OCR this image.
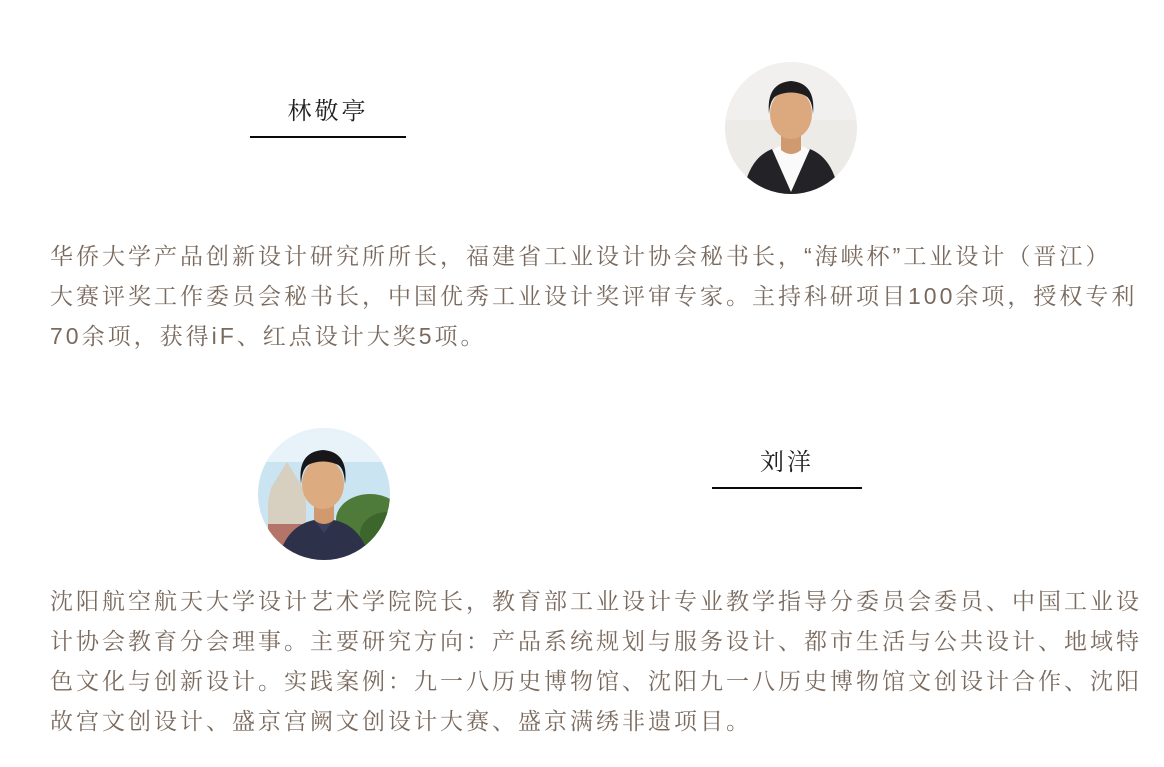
林敬亭
华侨大学产品创新设计研究所所长，福建省工业设计协会秘书长，“海峡杯”工业设计（晋江）
大赛评奖工作委员会秘书长，中国优秀工业设计奖评审专家。主持科研项目100余项，授权专利
70余项，获得iF、红点设计大奖5项。
刘洋
沈阳航空航天大学设计艺术学院院长，教育部工业设计专业教学指导分委员会委员、中国工业设
计协会教育分会理事。主要研究方向：产品系统规划与服务设计、都市生活与公共设计、地域特
色文化与创新设计。实践案例：九一八历史博物馆、沈阳九一八历史博物馆文创设计合作、沈阳
故宫文创设计、盛京宫阙文创设计大赛、盛京满绣非遗项目。
